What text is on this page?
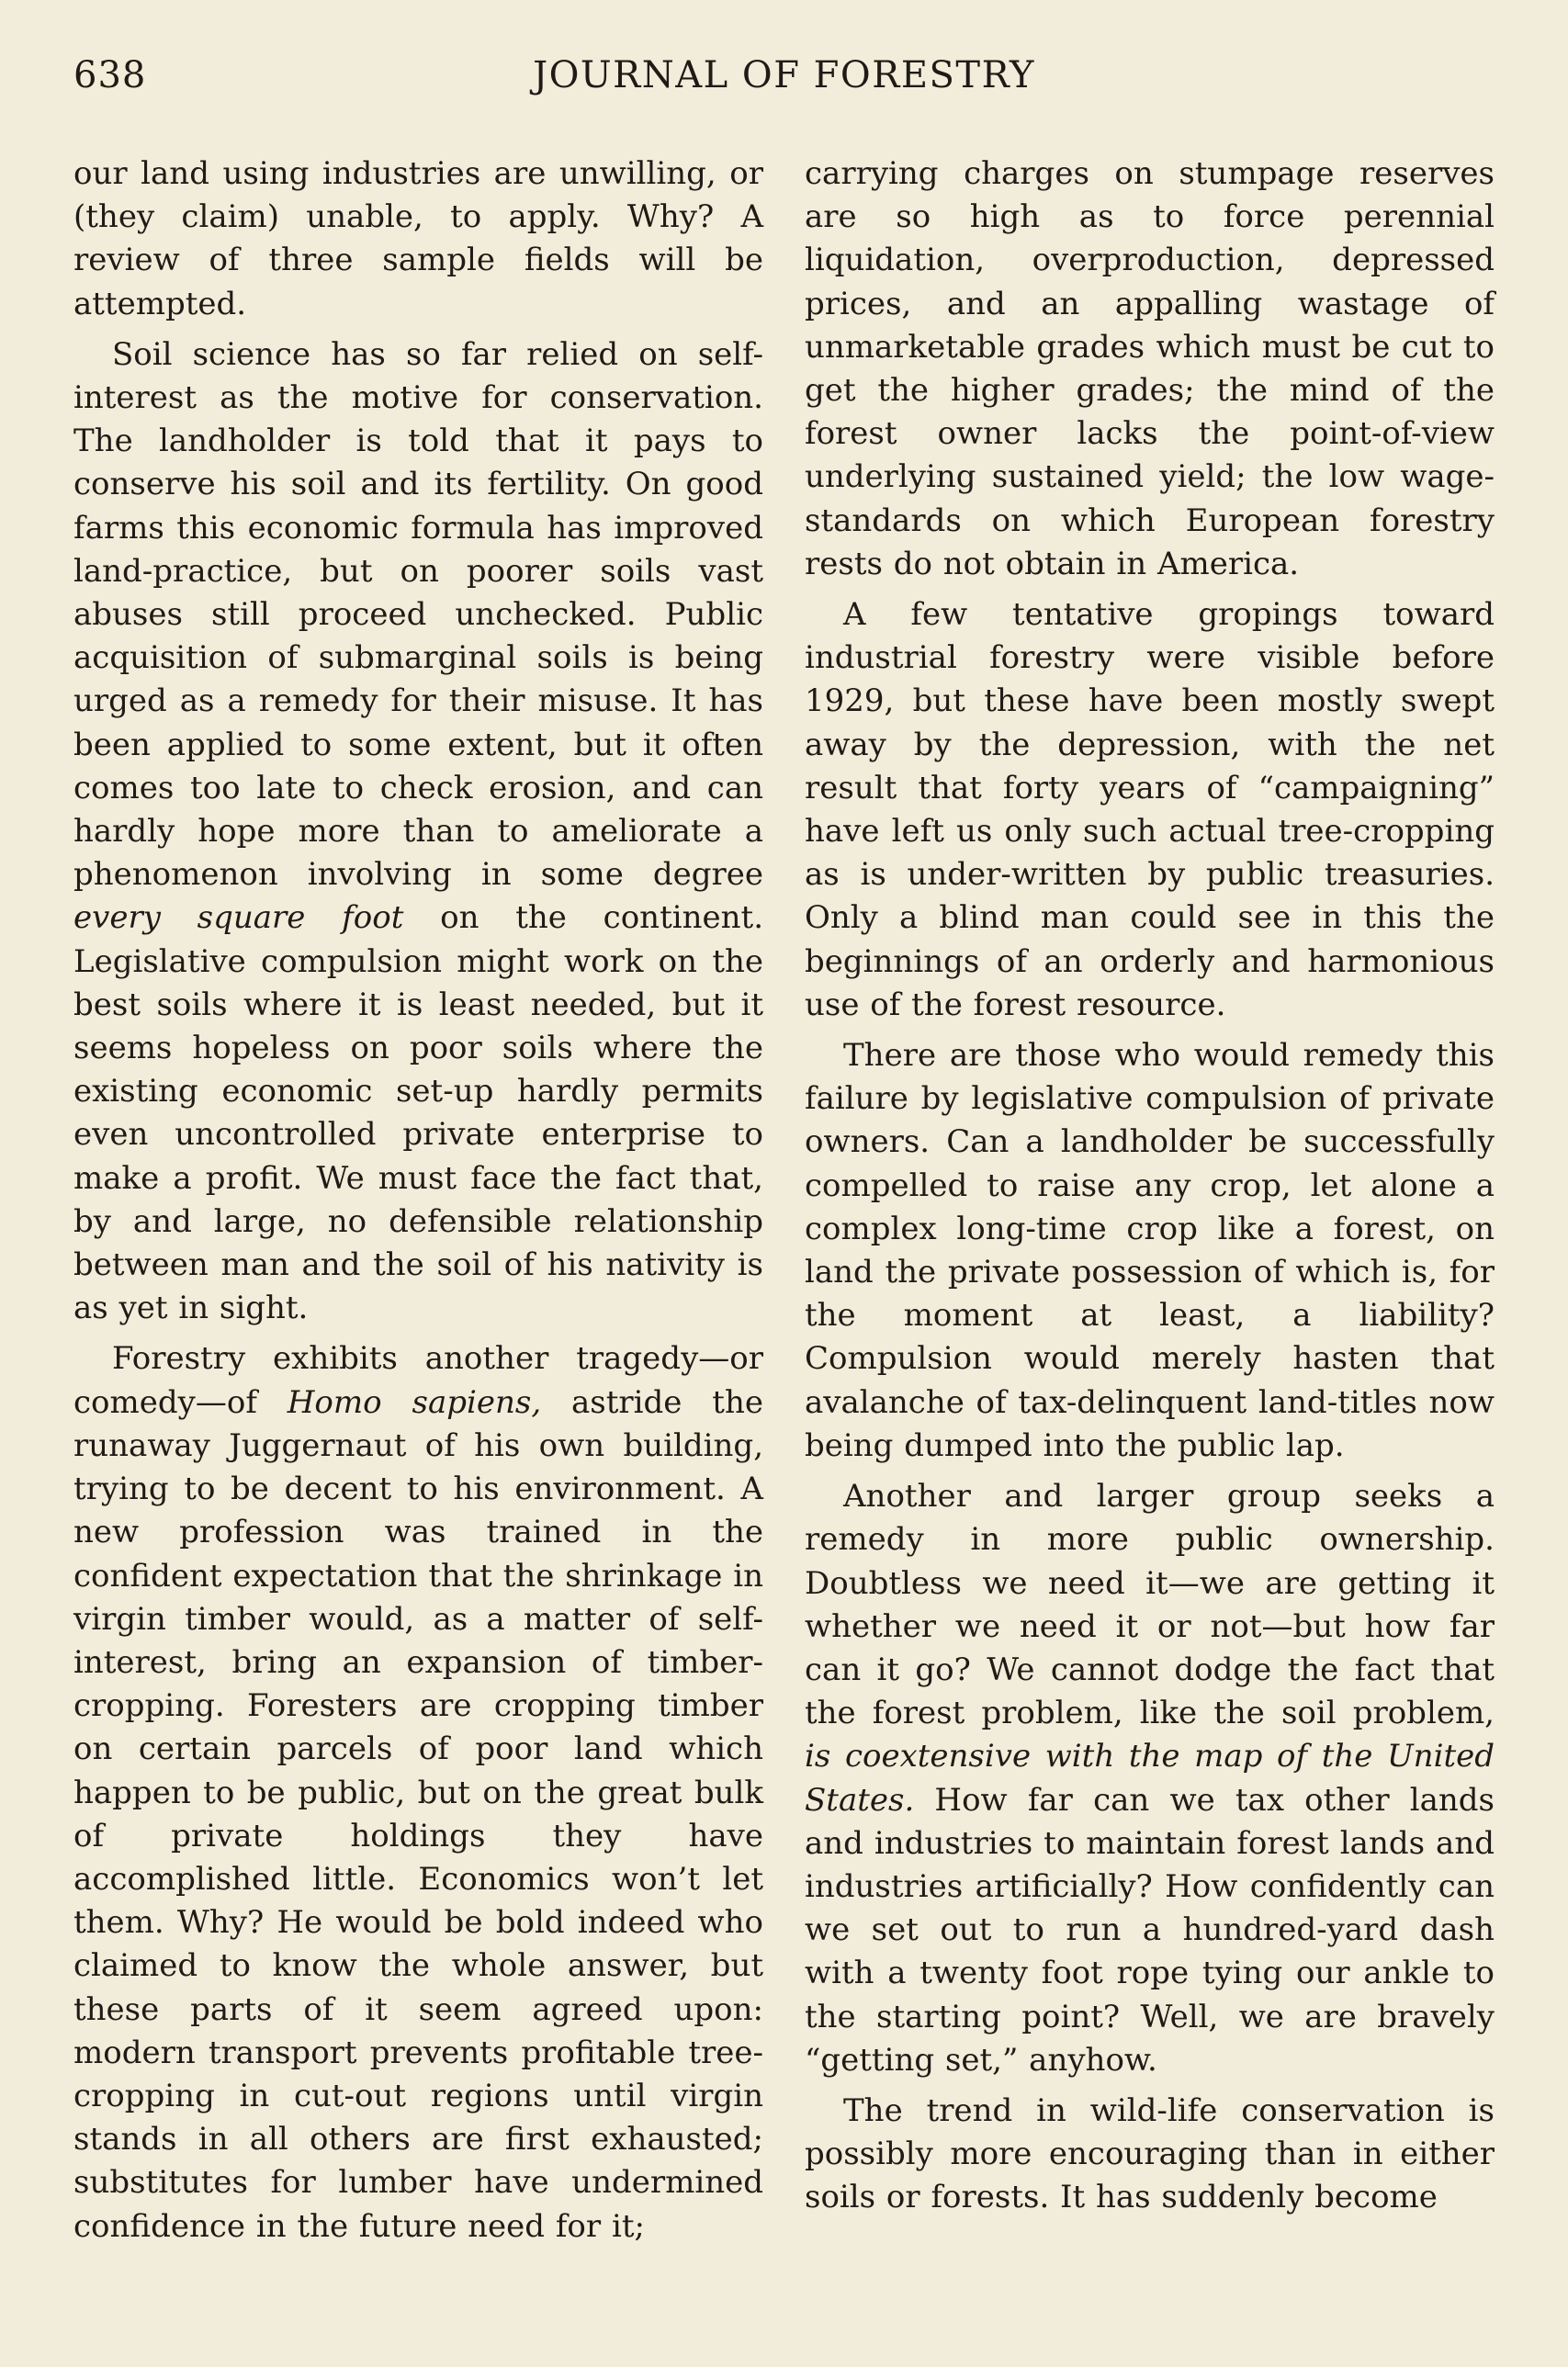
638	JOURNAL OF FORESTRY

our land using industries are unwilling, or (they claim) unable, to apply. Why? A review of three sample fields will be attempted.

Soil science has so far relied on self-interest as the motive for conservation. The landholder is told that it pays to conserve his soil and its fertility. On good farms this economic formula has improved land-practice, but on poorer soils vast abuses still proceed unchecked. Public acquisition of submarginal soils is being urged as a remedy for their misuse. It has been applied to some extent, but it often comes too late to check erosion, and can hardly hope more than to ameliorate a phenomenon involving in some degree every square foot on the continent. Legislative compulsion might work on the best soils where it is least needed, but it seems hopeless on poor soils where the existing economic set-up hardly permits even uncontrolled private enterprise to make a profit. We must face the fact that, by and large, no defensible relationship between man and the soil of his nativity is as yet in sight.

Forestry exhibits another tragedy—or comedy—of Homo sapiens, astride the runaway Juggernaut of his own building, trying to be decent to his environment. A new profession was trained in the confident expectation that the shrinkage in virgin timber would, as a matter of self-interest, bring an expansion of timber-cropping. Foresters are cropping timber on certain parcels of poor land which happen to be public, but on the great bulk of private holdings they have accomplished little. Economics won’t let them. Why? He would be bold indeed who claimed to know the whole answer, but these parts of it seem agreed upon: modern transport prevents profitable tree-cropping in cut-out regions until virgin stands in all others are first exhausted; substitutes for lumber have undermined confidence in the future need for it;

carrying charges on stumpage reserves are so high as to force perennial liquidation, overproduction, depressed prices, and an appalling wastage of unmarketable grades which must be cut to get the higher grades; the mind of the forest owner lacks the point-of-view underlying sustained yield; the low wage-standards on which European forestry rests do not obtain in America.

A few tentative gropings toward industrial forestry were visible before 1929, but these have been mostly swept away by the depression, with the net result that forty years of “campaigning” have left us only such actual tree-cropping as is under-written by public treasuries. Only a blind man could see in this the beginnings of an orderly and harmonious use of the forest resource.

There are those who would remedy this failure by legislative compulsion of private owners. Can a landholder be successfully compelled to raise any crop, let alone a complex long-time crop like a forest, on land the private possession of which is, for the moment at least, a liability? Compulsion would merely hasten that avalanche of tax-delinquent land-titles now being dumped into the public lap.

Another and larger group seeks a remedy in more public ownership. Doubtless we need it—we are getting it whether we need it or not—but how far can it go? We cannot dodge the fact that the forest problem, like the soil problem, is coextensive with the map of the United States. How far can we tax other lands and industries to maintain forest lands and industries artificially? How confidently can we set out to run a hundred-yard dash with a twenty foot rope tying our ankle to the starting point? Well, we are bravely “getting set,” anyhow.

The trend in wild-life conservation is possibly more encouraging than in either soils or forests. It has suddenly become
